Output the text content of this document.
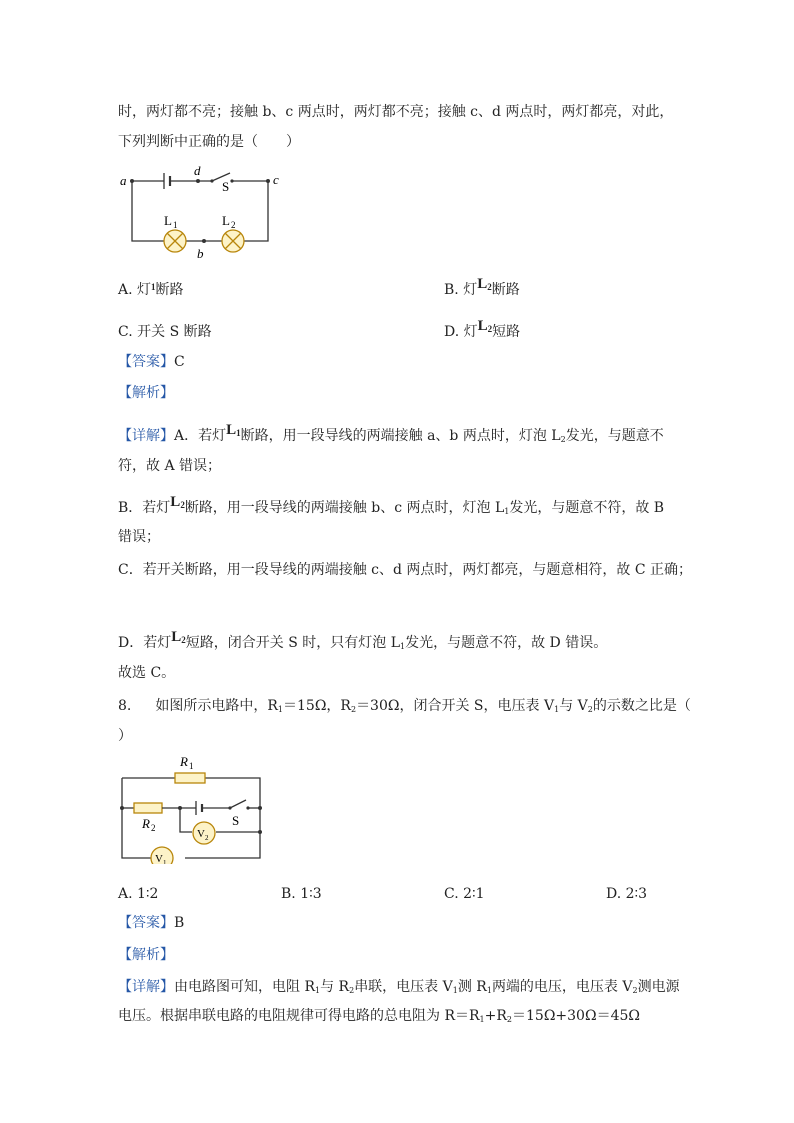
时，两灯都不亮；接触 b、c 两点时，两灯都不亮；接触 c、d 两点时，两灯都亮，对此，
下列判断中正确的是（　　）
a
d
S	c
L 1	L 2
b
A. 灯$_1$断路	B. 灯$L_2$断路
C. 开关 S 断路	D. 灯$L_2$短路
【答案】C
【解析】
【详解】A．若灯$L_1$断路，用一段导线的两端接触 a、b 两点时，灯泡 $L_2$发光，与题意不
符，故 A 错误；
B．若灯$L_2$断路，用一段导线的两端接触 b、c 两点时，灯泡 $L_1$发光，与题意不符，故 B
错误；
C．若开关断路，用一段导线的两端接触 c、d 两点时，两灯都亮，与题意相符，故 C 正确；
D．若灯$L_2$短路，闭合开关 S 时，只有灯泡 $L_1$发光，与题意不符，故 D 错误。
故选 C。
8. 如图所示电路中，$R_1=15\Omega$，$R_2=30\Omega$，闭合开关 S，电压表 $V_1$与 $V_2$的示数之比是（
）
R 1
R 2	S
V 2
V 1
A. 1∶2	B. 1∶3	C. 2∶1	D. 2∶3
【答案】B
【解析】
【详解】由电路图可知，电阻 $R_1$与 $R_2$串联，电压表 $V_1$测 $R_1$两端的电压，电压表 $V_2$测电源
电压。根据串联电路的电阻规律可得电路的总电阻为 $R=R_1+R_2=15\Omega+30\Omega=45\Omega$
